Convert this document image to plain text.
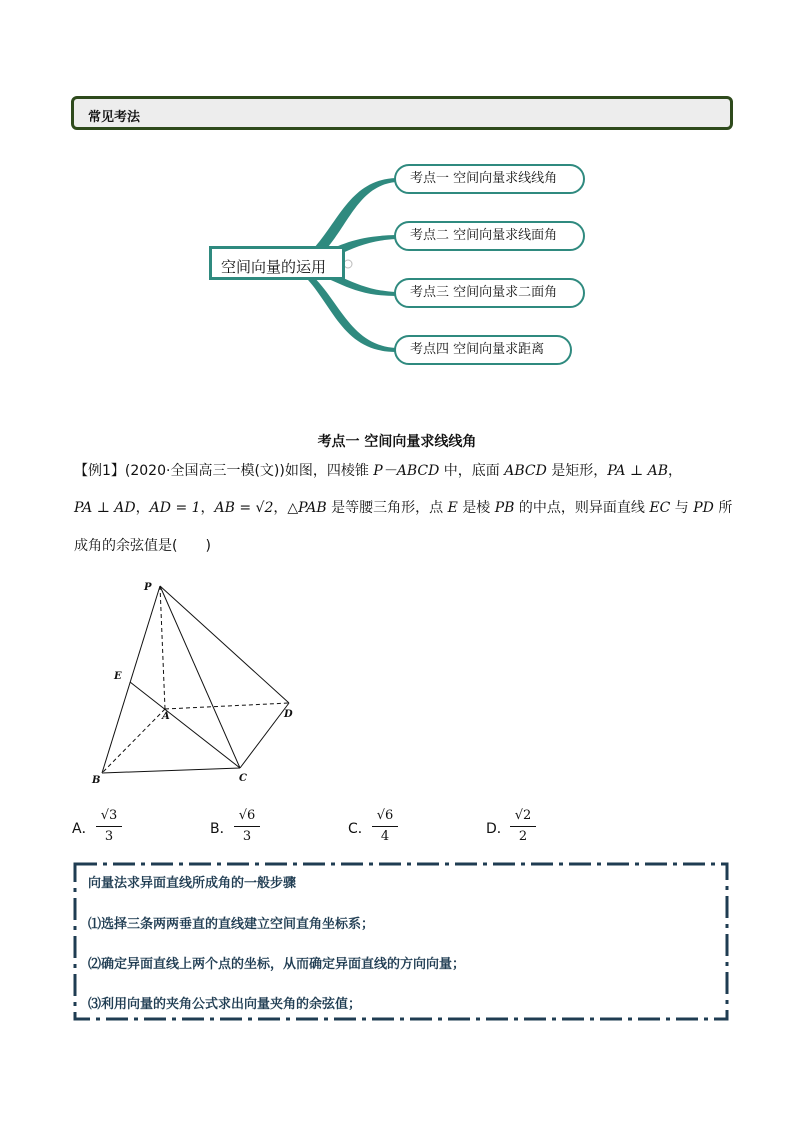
常见考法
空间向量的运用
考点一 空间向量求线线角
考点二 空间向量求线面角
考点三 空间向量求二面角
考点四 空间向量求距离
考点一 空间向量求线线角
【例1】(2020·全国高三一模(文))如图，四棱锥 P－ABCD 中，底面 ABCD 是矩形，PA ⊥ AB，
PA ⊥ AD，AD = 1，AB = √2，△PAB 是等腰三角形，点 E 是棱 PB 的中点，则异面直线 EC 与 PD 所
成角的余弦值是(　　)
P
E
A	D
B	C
A． $\frac{√3}{3}$	B． $\frac{√6}{3}$	C． $\frac{√6}{4}$	D． $\frac{√2}{2}$
向量法求异面直线所成角的一般步骤
⑴选择三条两两垂直的直线建立空间直角坐标系；
⑵确定异面直线上两个点的坐标，从而确定异面直线的方向向量；
⑶利用向量的夹角公式求出向量夹角的余弦值；
